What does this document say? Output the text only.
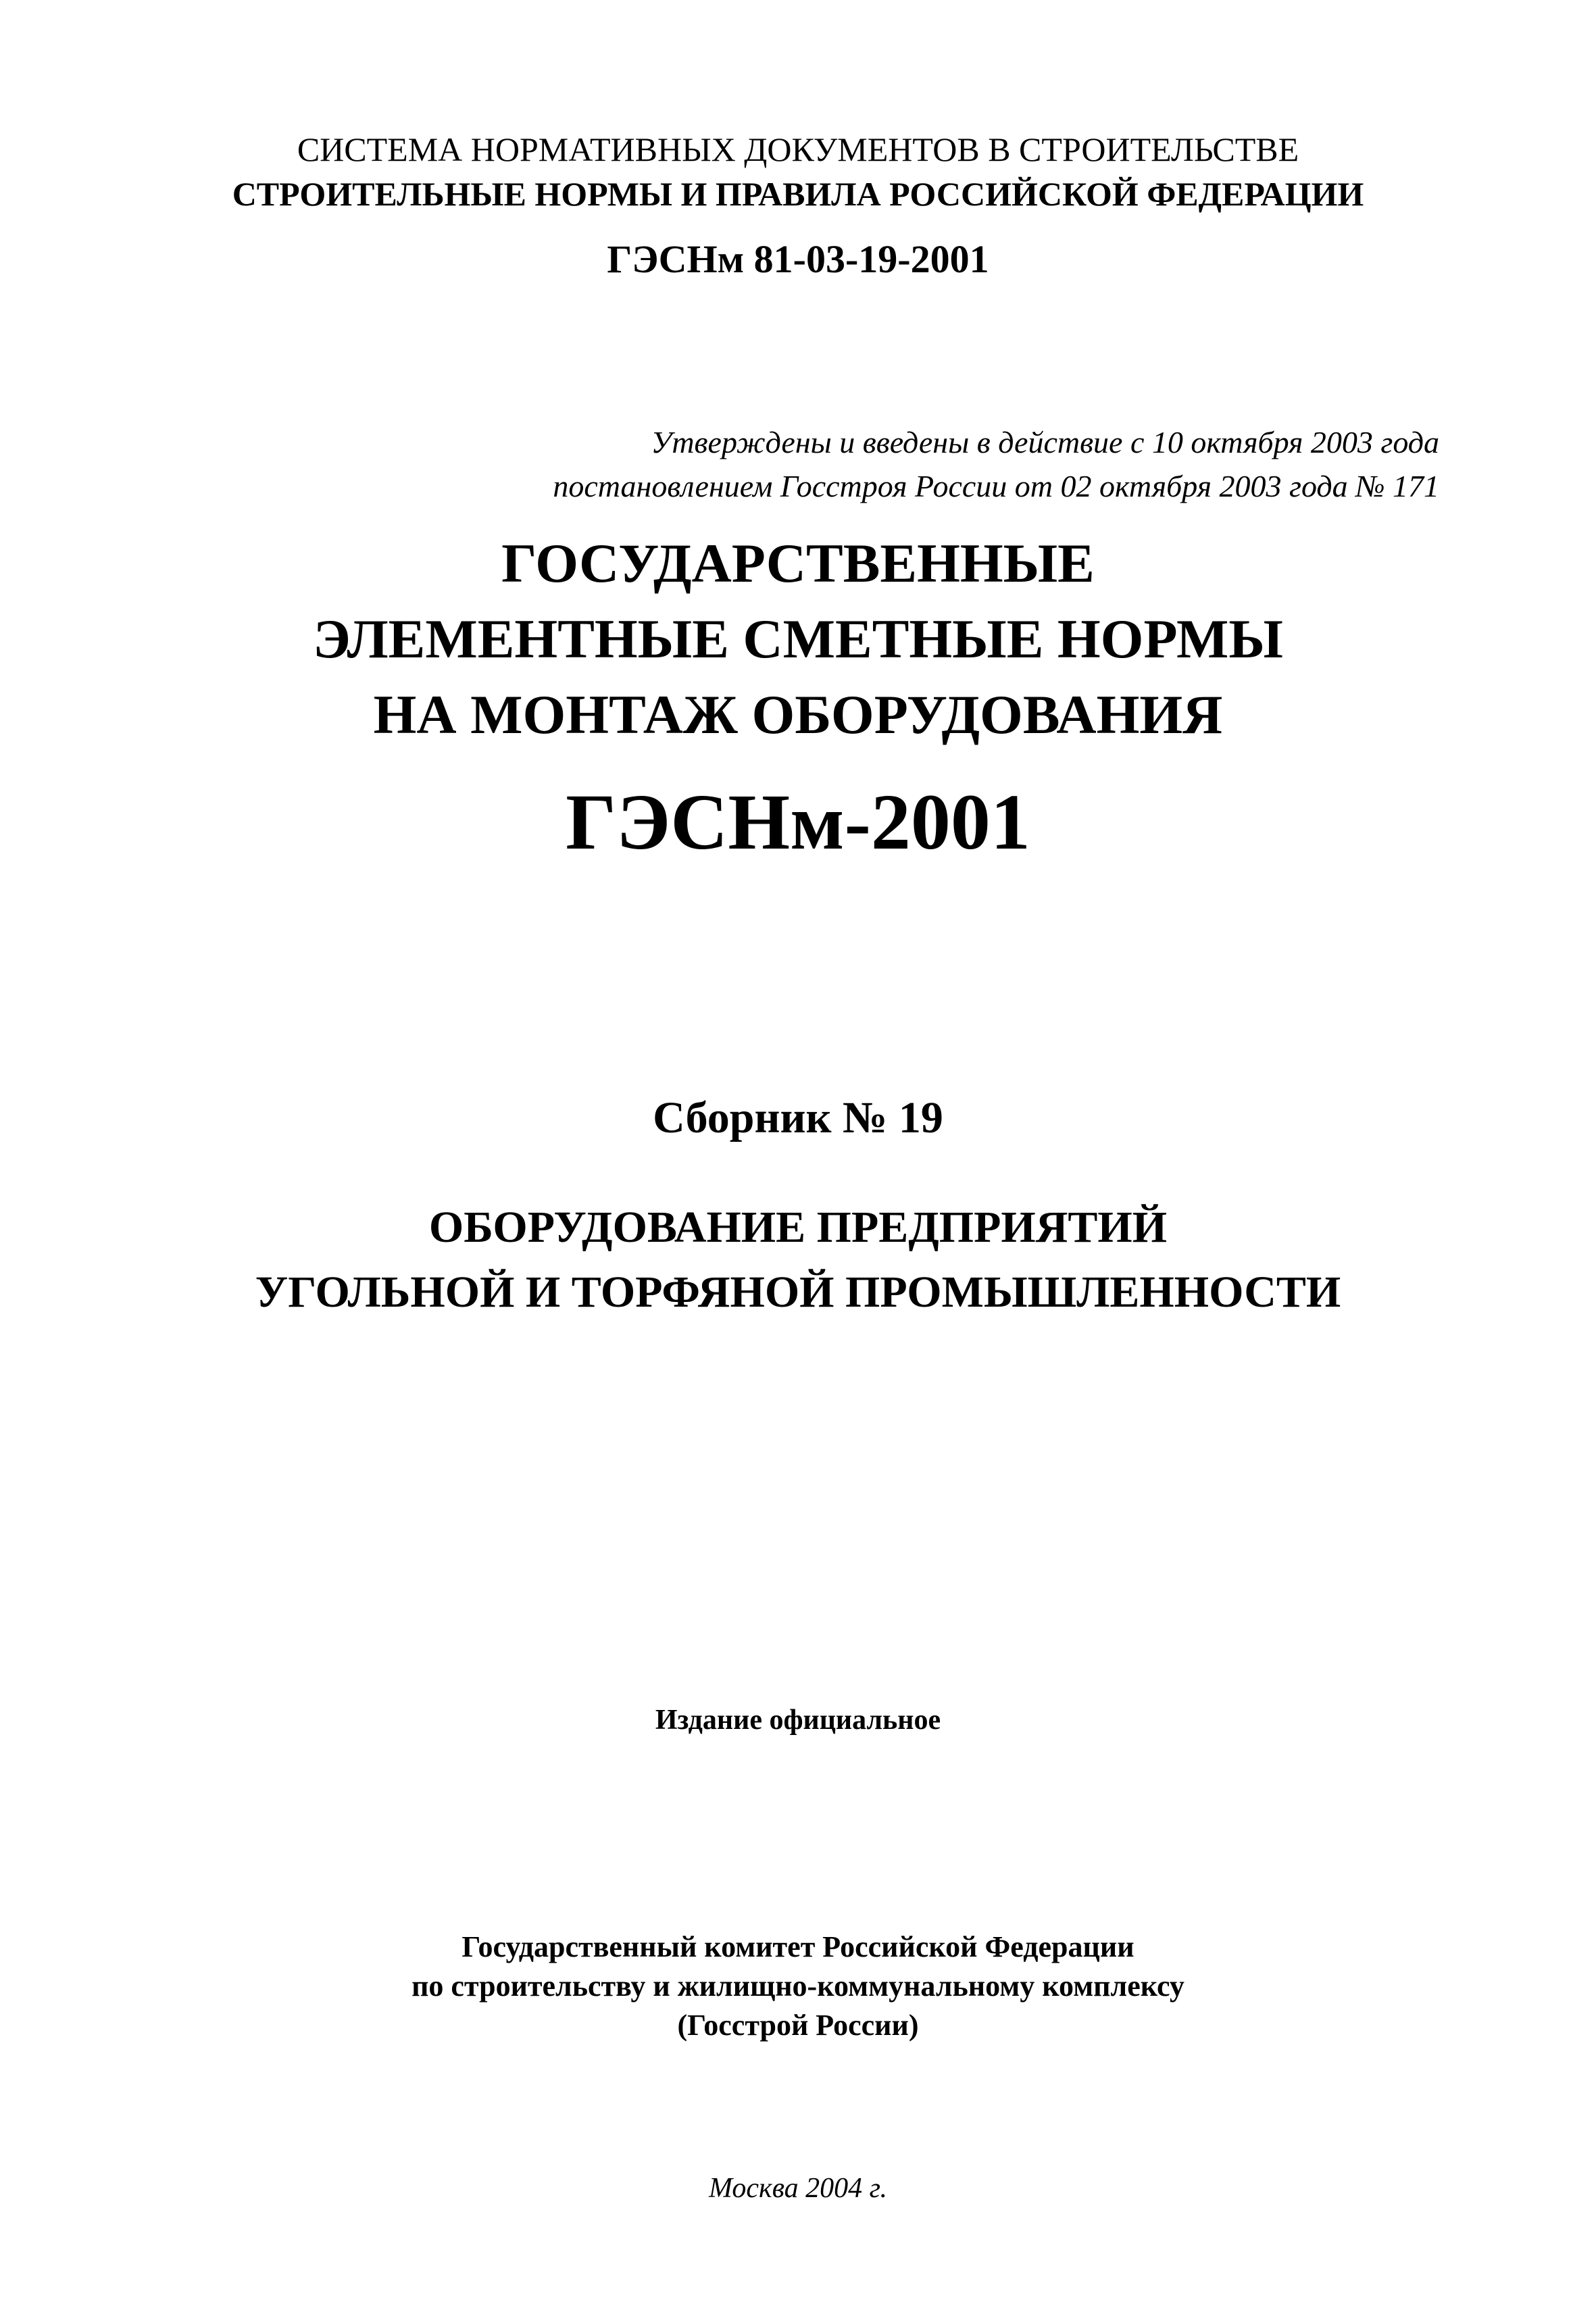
СИСТЕМА НОРМАТИВНЫХ ДОКУМЕНТОВ В СТРОИТЕЛЬСТВЕ
СТРОИТЕЛЬНЫЕ НОРМЫ И ПРАВИЛА РОССИЙСКОЙ ФЕДЕРАЦИИ
ГЭСНм 81-03-19-2001
Утверждены и введены в действие с 10 октября 2003 года
постановлением Госстроя России от 02 октября 2003 года № 171
ГОСУДАРСТВЕННЫЕ
ЭЛЕМЕНТНЫЕ СМЕТНЫЕ НОРМЫ
НА МОНТАЖ ОБОРУДОВАНИЯ
ГЭСНм-2001
Сборник № 19
ОБОРУДОВАНИЕ ПРЕДПРИЯТИЙ
УГОЛЬНОЙ И ТОРФЯНОЙ ПРОМЫШЛЕННОСТИ
Издание официальное
Государственный комитет Российской Федерации
по строительству и жилищно-коммунальному комплексу
(Госстрой России)
Москва 2004 г.
